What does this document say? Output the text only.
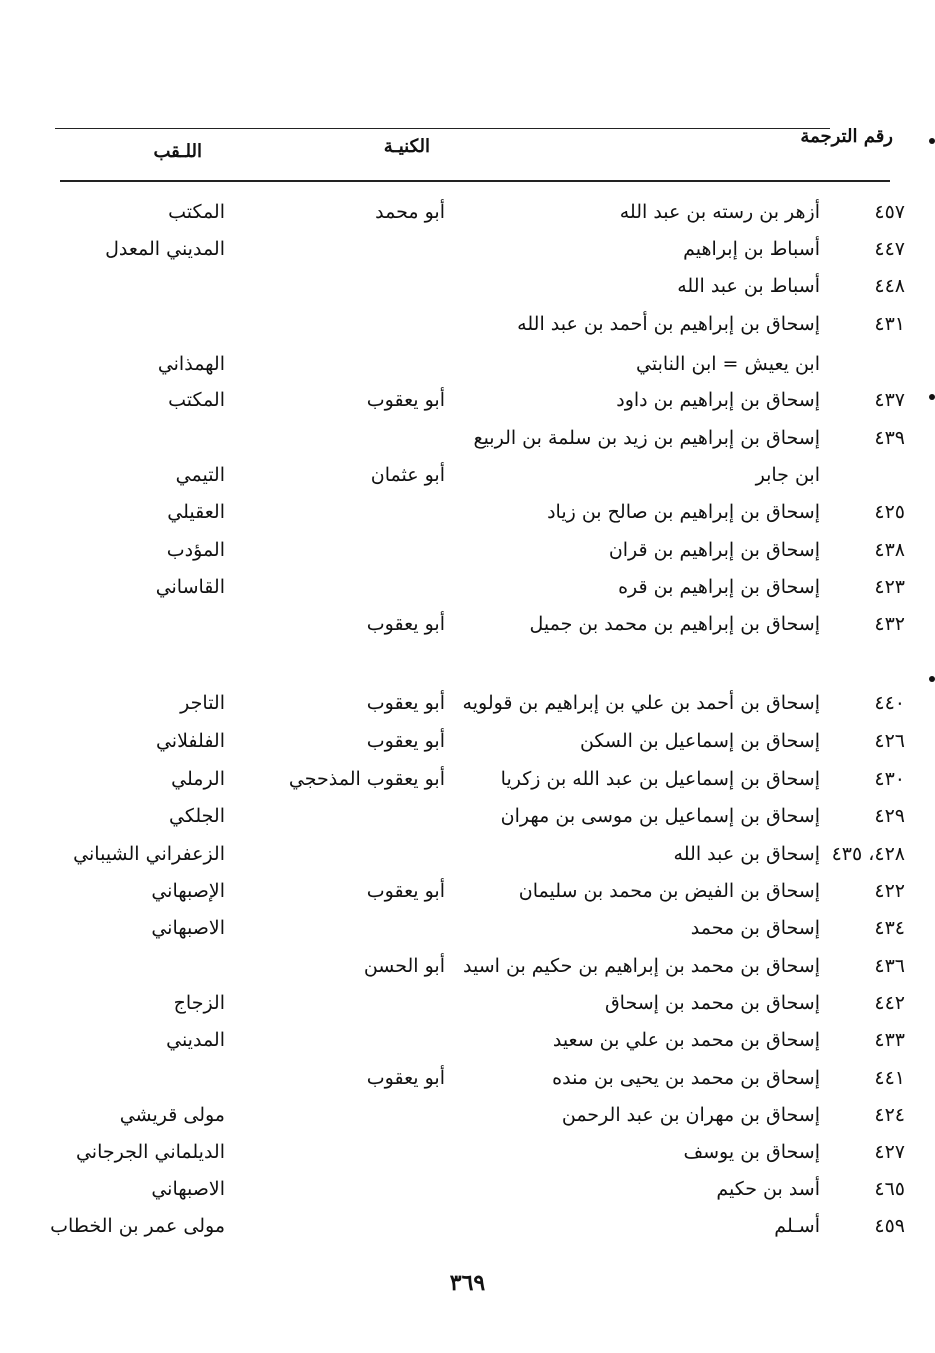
رقم الترجمة
الكنيـة
اللـقب
٤٥٧
أزهر بن رسته بن عبد الله
أبو محمد
المكتب
٤٤٧
أسباط بن إبراهيم
المديني المعدل
٤٤٨
أسباط بن عبد الله
٤٣١
إسحاق بن إبراهيم بن أحمد بن عبد الله
ابن يعيش = ابن النابتي
الهمذاني
٤٣٧
إسحاق بن إبراهيم بن داود
أبو يعقوب
المكتب
٤٣٩
إسحاق بن إبراهيم بن زيد بن سلمة بن الربيع
ابن جابر
أبو عثمان
التيمي
٤٢٥
إسحاق بن إبراهيم بن صالح بن زياد
العقيلي
٤٣٨
إسحاق بن إبراهيم بن قران
المؤدب
٤٢٣
إسحاق بن إبراهيم بن قره
القاساني
٤٣٢
إسحاق بن إبراهيم بن محمد بن جميل
أبو يعقوب
٤٤٠
إسحاق بن أحمد بن علي بن إبراهيم بن قولويه
أبو يعقوب
التاجر
٤٢٦
إسحاق بن إسماعيل بن السكن
أبو يعقوب
الفلفلاني
٤٣٠
إسحاق بن إسماعيل بن عبد الله بن زكريا
أبو يعقوب المذحجي
الرملي
٤٢٩
إسحاق بن إسماعيل بن موسى بن مهران
الجلكي
٤٢٨، ٤٣٥
إسحاق بن عبد الله
الزعفراني الشيباني
٤٢٢
إسحاق بن الفيض بن محمد بن سليمان
أبو يعقوب
الإصبهاني
٤٣٤
إسحاق بن محمد
الاصبهاني
٤٣٦
إسحاق بن محمد بن إبراهيم بن حكيم بن اسيد
أبو الحسن
٤٤٢
إسحاق بن محمد بن إسحاق
الزجاج
٤٣٣
إسحاق بن محمد بن علي بن سعيد
المديني
٤٤١
إسحاق بن محمد بن يحيى بن منده
أبو يعقوب
٤٢٤
إسحاق بن مهران بن عبد الرحمن
مولى قريشي
٤٢٧
إسحاق بن يوسف
الديلماني الجرجاني
٤٦٥
أسد بن حكيم
الاصبهاني
٤٥٩
أسـلم
مولى عمر بن الخطاب
٣٦٩
